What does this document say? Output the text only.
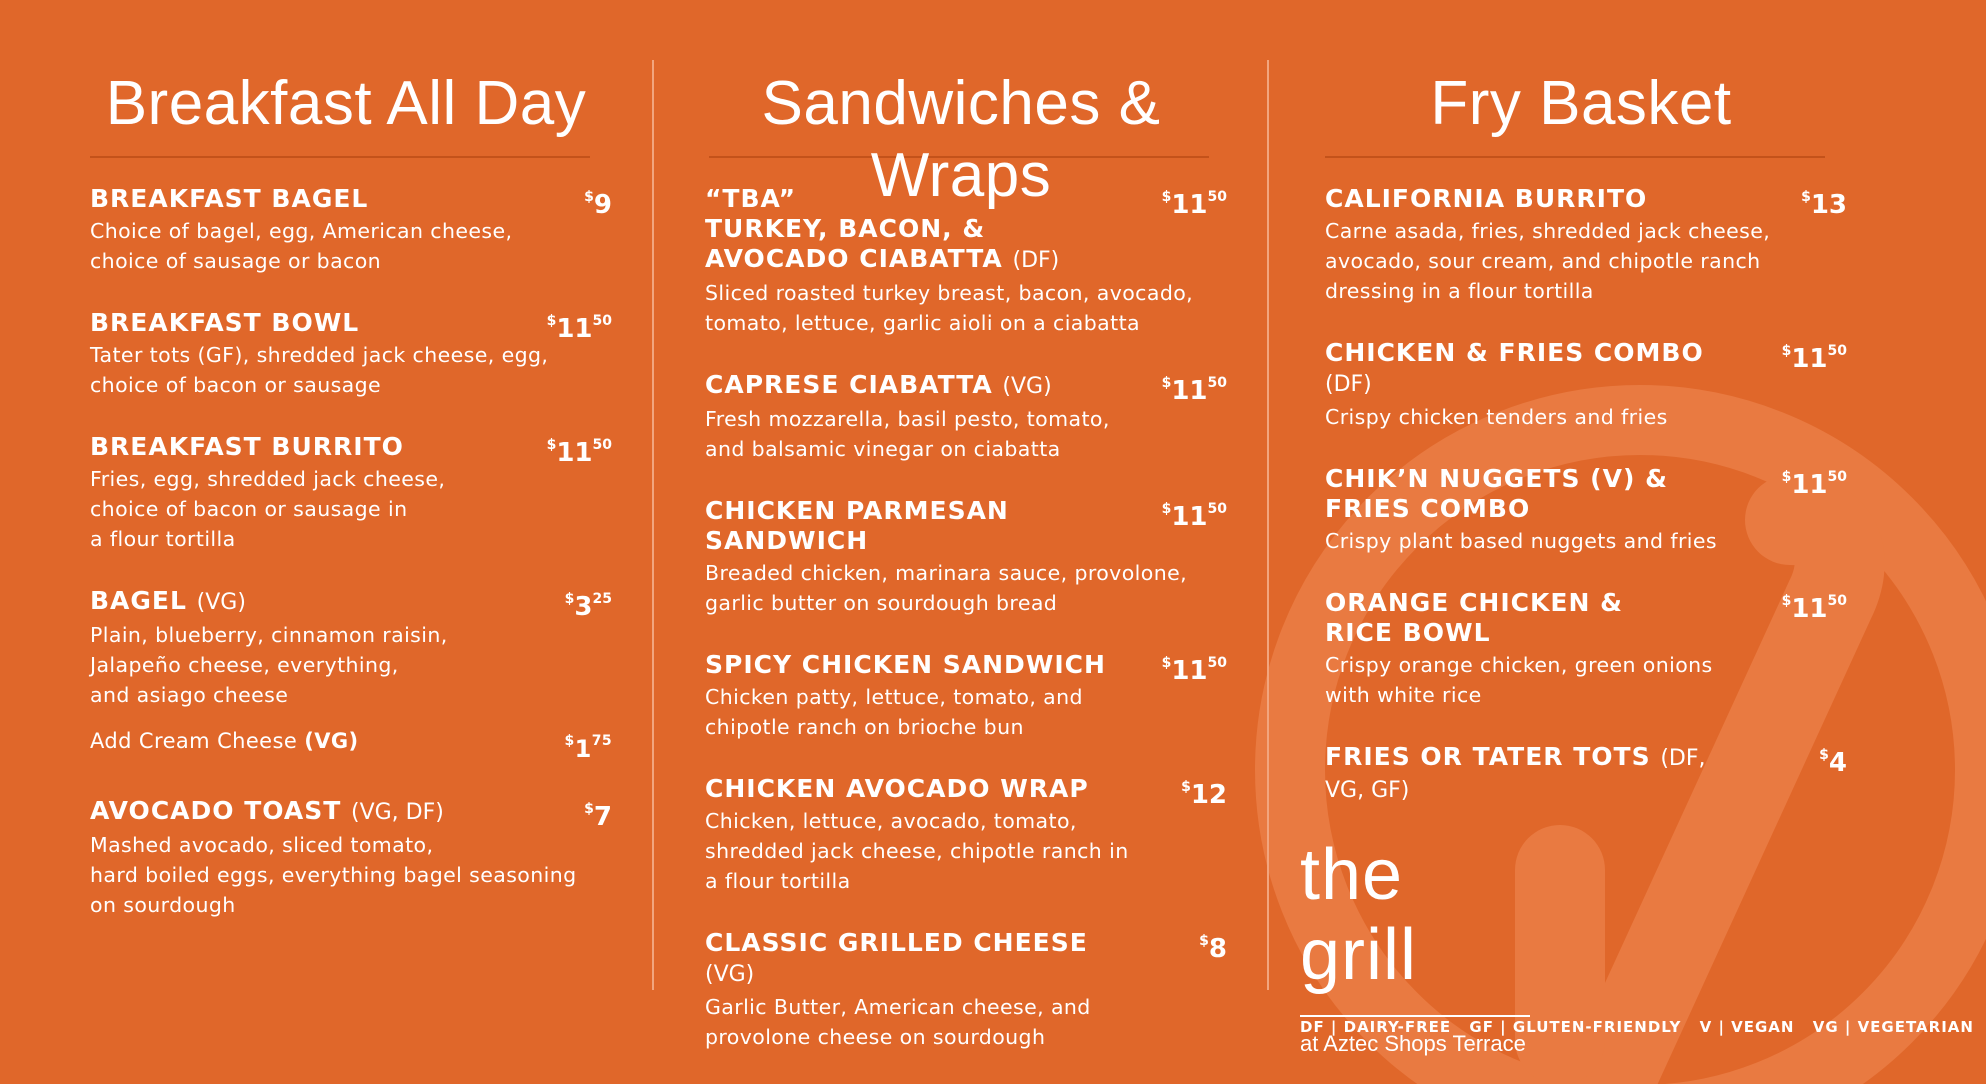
Breakfast All Day
BREAKFAST BAGEL
Choice of bagel, egg, American cheese,
choice of sausage or bacon
$9
BREAKFAST BOWL
Tater tots (GF), shredded jack cheese, egg,
choice of bacon or sausage
$^{\$}11^{50}$
BREAKFAST BURRITO
Fries, egg, shredded jack cheese,
choice of bacon or sausage in
a flour tortilla
$^{\$}11^{50}$
BAGEL (VG)
Plain, blueberry, cinnamon raisin,
Jalapeño cheese, everything,
and asiago cheese
$^{\$}3^{25}$
Add Cream Cheese (VG)	$^{\$}1^{75}$
AVOCADO TOAST (VG, DF)
Mashed avocado, sliced tomato,
hard boiled eggs, everything bagel seasoning
on sourdough
$7
Sandwiches & Wraps
“TBA”
TURKEY, BACON, &
AVOCADO CIABATTA (DF)
Sliced roasted turkey breast, bacon, avocado,
tomato, lettuce, garlic aioli on a ciabatta
$^{\$}11^{50}$
CAPRESE CIABATTA (VG)
Fresh mozzarella, basil pesto, tomato,
and balsamic vinegar on ciabatta
$^{\$}11^{50}$
CHICKEN PARMESAN
SANDWICH
Breaded chicken, marinara sauce, provolone,
garlic butter on sourdough bread
$^{\$}11^{50}$
SPICY CHICKEN SANDWICH
Chicken patty, lettuce, tomato, and
chipotle ranch on brioche bun
$^{\$}11^{50}$
CHICKEN AVOCADO WRAP
Chicken, lettuce, avocado, tomato,
shredded jack cheese, chipotle ranch in
a flour tortilla
$12
CLASSIC GRILLED CHEESE (VG)
Garlic Butter, American cheese, and
provolone cheese on sourdough
$8
Fry Basket
CALIFORNIA BURRITO
Carne asada, fries, shredded jack cheese,
avocado, sour cream, and chipotle ranch
dressing in a flour tortilla
$13
CHICKEN & FRIES COMBO (DF)
Crispy chicken tenders and fries
$^{\$}11^{50}$
CHIK’N NUGGETS (V) &
FRIES COMBO
Crispy plant based nuggets and fries
$^{\$}11^{50}$
ORANGE CHICKEN &
RICE BOWL
Crispy orange chicken, green onions
with white rice
$^{\$}11^{50}$
FRIES OR TATER TOTS (DF, VG, GF)
$4
the grill
at Aztec Shops Terrace
DF | DAIRY-FREE GF | GLUTEN-FRIENDLY V | VEGAN VG | VEGETARIAN
